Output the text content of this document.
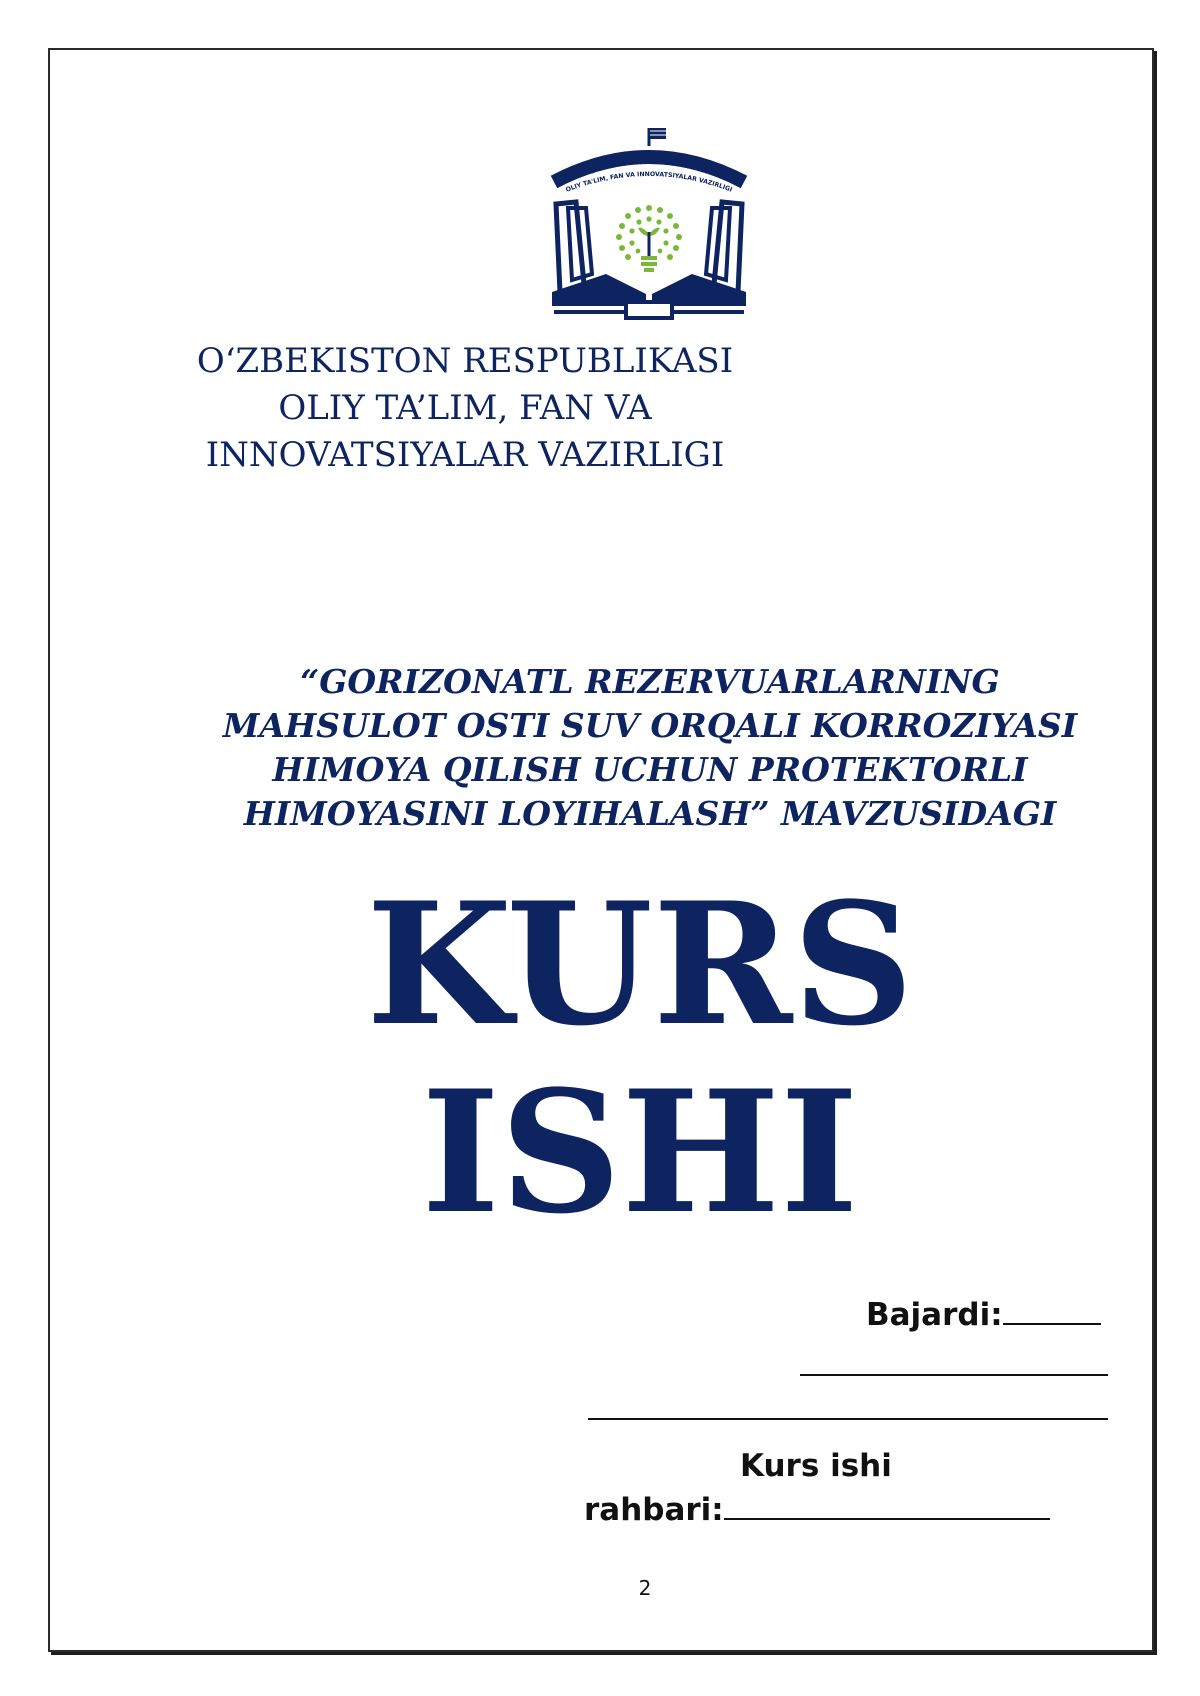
O'ZBEKISTON RESPUBLIKASI
OLIY TA'LIM, FAN VA INNOVATSIYALAR VAZIRLIGI
O‘ZBEKISTON RESPUBLIKASI
OLIY TA’LIM, FAN VA
INNOVATSIYALAR VAZIRLIGI
“GORIZONATL REZERVUARLARNING
MAHSULOT OSTI SUV ORQALI KORROZIYASI
HIMOYA QILISH UCHUN PROTEKTORLI
HIMOYASINI LOYIHALASH” MAVZUSIDAGI
KURS
ISHI
Bajardi:
Kurs ishi
rahbari:
2
